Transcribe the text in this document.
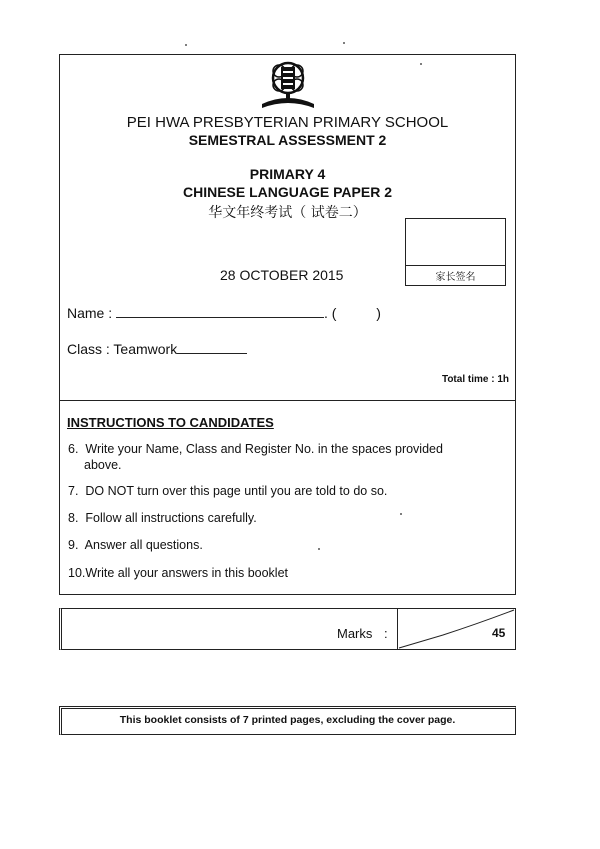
PEI HWA PRESBYTERIAN PRIMARY SCHOOL
SEMESTRAL ASSESSMENT 2
PRIMARY 4
CHINESE LANGUAGE PAPER 2
华文年终考试（ 试卷二）
家长签名
28 OCTOBER 2015
Name :	. (	)
Class : Teamwork
Total time : 1h
INSTRUCTIONS TO CANDIDATES
6.  Write your Name, Class and Register No. in the spaces provided
above.
7.  DO NOT turn over this page until you are told to do so.
8.  Follow all instructions carefully.
9.  Answer all questions.
10.Write all your answers in this booklet
Marks :	45
This booklet consists of 7 printed pages, excluding the cover page.
